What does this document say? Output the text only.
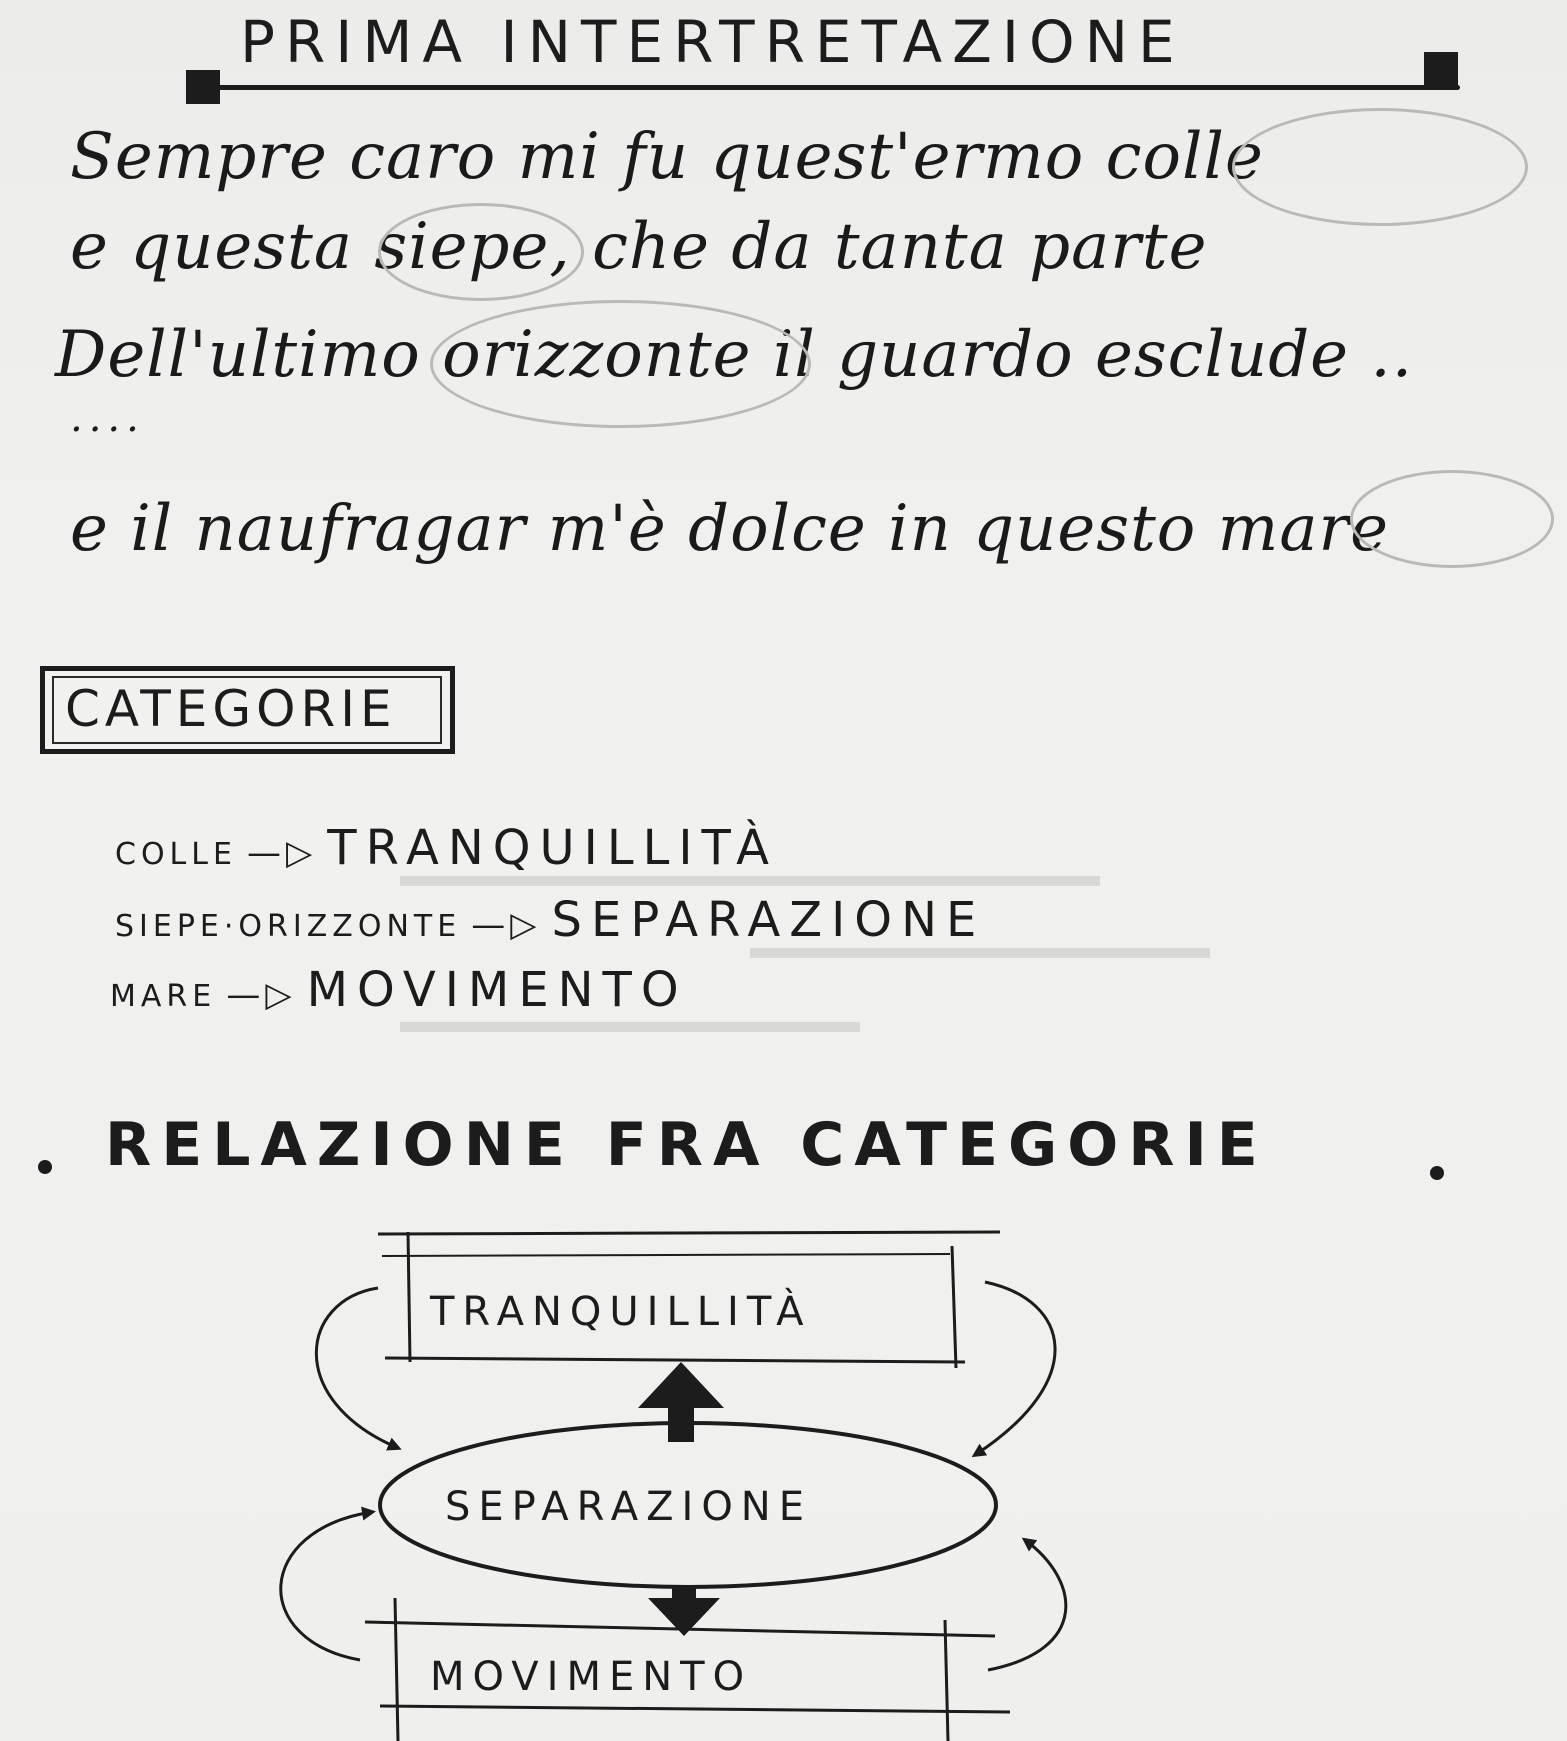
PRIMA INTERTRETAZIONE
Sempre caro mi fu quest'ermo colle
e questa siepe, che da tanta parte
Dell'ultimo orizzonte il guardo esclude ..
....
e il naufragar m'è dolce in questo mare
CATEGORIE
COLLE —▷ TRANQUILLITÀ
SIEPE·ORIZZONTE —▷ SEPARAZIONE
MARE —▷ MOVIMENTO
RELAZIONE FRA CATEGORIE
TRANQUILLITÀ
SEPARAZIONE
MOVIMENTO
